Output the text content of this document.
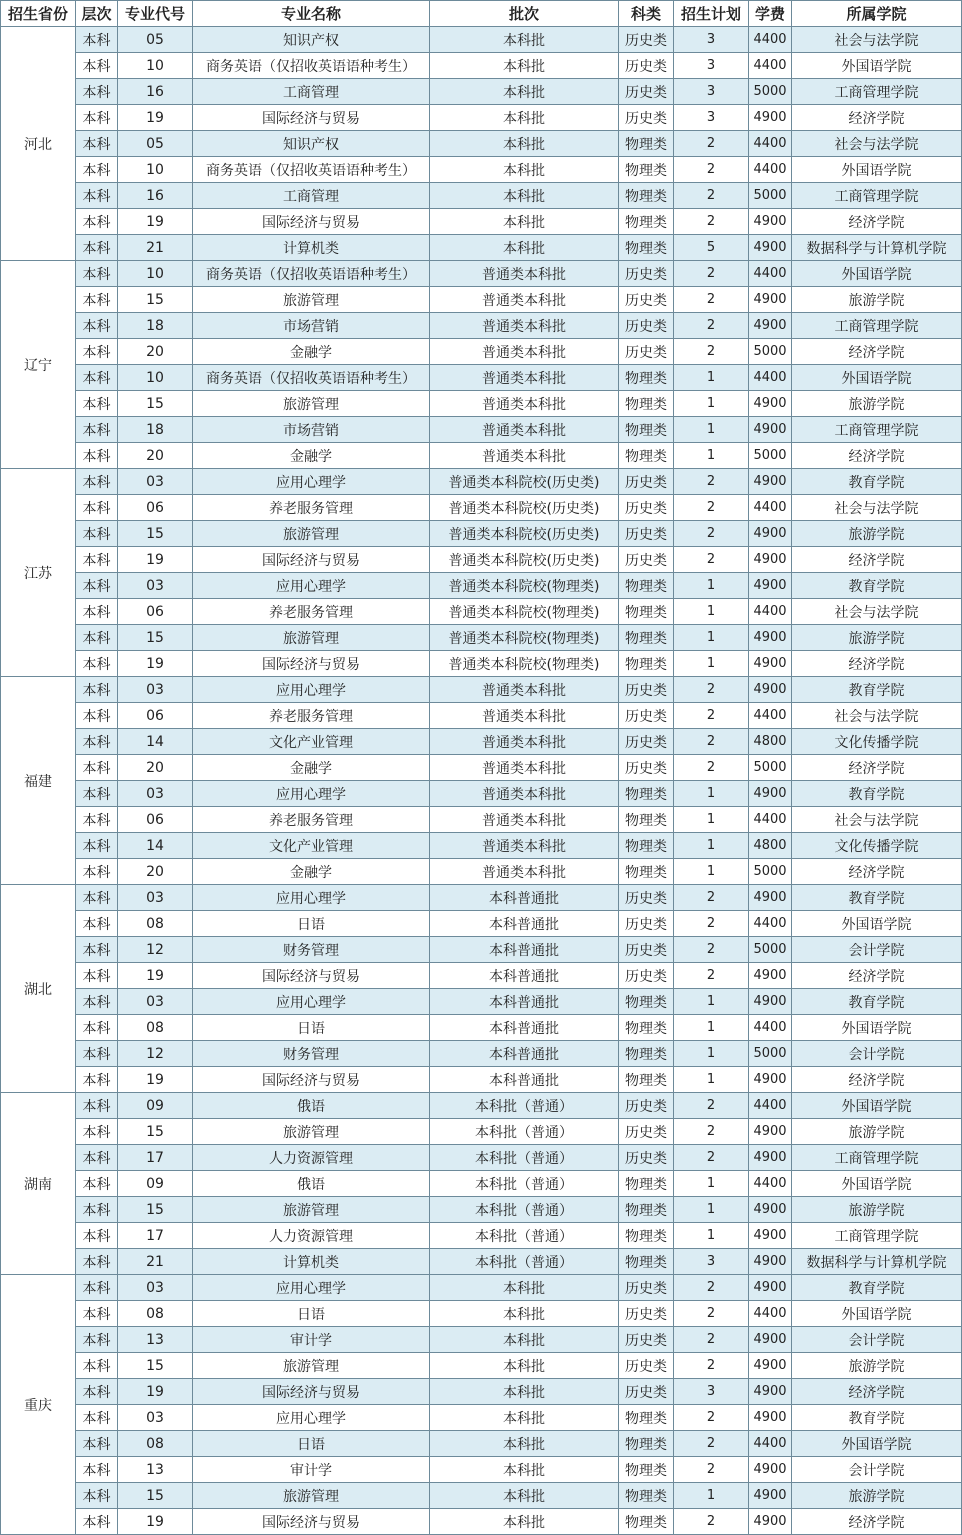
招生省份	层次	专业代号	专业名称	批次	科类	招生计划	学费	所属学院
河北	本科	05	知识产权	本科批	历史类	3	4400	社会与法学院
	本科	10	商务英语（仅招收英语语种考生）	本科批	历史类	3	4400	外国语学院
	本科	16	工商管理	本科批	历史类	3	5000	工商管理学院
	本科	19	国际经济与贸易	本科批	历史类	3	4900	经济学院
	本科	05	知识产权	本科批	物理类	2	4400	社会与法学院
	本科	10	商务英语（仅招收英语语种考生）	本科批	物理类	2	4400	外国语学院
	本科	16	工商管理	本科批	物理类	2	5000	工商管理学院
	本科	19	国际经济与贸易	本科批	物理类	2	4900	经济学院
	本科	21	计算机类	本科批	物理类	5	4900	数据科学与计算机学院
辽宁	本科	10	商务英语（仅招收英语语种考生）	普通类本科批	历史类	2	4400	外国语学院
	本科	15	旅游管理	普通类本科批	历史类	2	4900	旅游学院
	本科	18	市场营销	普通类本科批	历史类	2	4900	工商管理学院
	本科	20	金融学	普通类本科批	历史类	2	5000	经济学院
	本科	10	商务英语（仅招收英语语种考生）	普通类本科批	物理类	1	4400	外国语学院
	本科	15	旅游管理	普通类本科批	物理类	1	4900	旅游学院
	本科	18	市场营销	普通类本科批	物理类	1	4900	工商管理学院
	本科	20	金融学	普通类本科批	物理类	1	5000	经济学院
江苏	本科	03	应用心理学	普通类本科院校(历史类)	历史类	2	4900	教育学院
	本科	06	养老服务管理	普通类本科院校(历史类)	历史类	2	4400	社会与法学院
	本科	15	旅游管理	普通类本科院校(历史类)	历史类	2	4900	旅游学院
	本科	19	国际经济与贸易	普通类本科院校(历史类)	历史类	2	4900	经济学院
	本科	03	应用心理学	普通类本科院校(物理类)	物理类	1	4900	教育学院
	本科	06	养老服务管理	普通类本科院校(物理类)	物理类	1	4400	社会与法学院
	本科	15	旅游管理	普通类本科院校(物理类)	物理类	1	4900	旅游学院
	本科	19	国际经济与贸易	普通类本科院校(物理类)	物理类	1	4900	经济学院
福建	本科	03	应用心理学	普通类本科批	历史类	2	4900	教育学院
	本科	06	养老服务管理	普通类本科批	历史类	2	4400	社会与法学院
	本科	14	文化产业管理	普通类本科批	历史类	2	4800	文化传播学院
	本科	20	金融学	普通类本科批	历史类	2	5000	经济学院
	本科	03	应用心理学	普通类本科批	物理类	1	4900	教育学院
	本科	06	养老服务管理	普通类本科批	物理类	1	4400	社会与法学院
	本科	14	文化产业管理	普通类本科批	物理类	1	4800	文化传播学院
	本科	20	金融学	普通类本科批	物理类	1	5000	经济学院
湖北	本科	03	应用心理学	本科普通批	历史类	2	4900	教育学院
	本科	08	日语	本科普通批	历史类	2	4400	外国语学院
	本科	12	财务管理	本科普通批	历史类	2	5000	会计学院
	本科	19	国际经济与贸易	本科普通批	历史类	2	4900	经济学院
	本科	03	应用心理学	本科普通批	物理类	1	4900	教育学院
	本科	08	日语	本科普通批	物理类	1	4400	外国语学院
	本科	12	财务管理	本科普通批	物理类	1	5000	会计学院
	本科	19	国际经济与贸易	本科普通批	物理类	1	4900	经济学院
湖南	本科	09	俄语	本科批（普通）	历史类	2	4400	外国语学院
	本科	15	旅游管理	本科批（普通）	历史类	2	4900	旅游学院
	本科	17	人力资源管理	本科批（普通）	历史类	2	4900	工商管理学院
	本科	09	俄语	本科批（普通）	物理类	1	4400	外国语学院
	本科	15	旅游管理	本科批（普通）	物理类	1	4900	旅游学院
	本科	17	人力资源管理	本科批（普通）	物理类	1	4900	工商管理学院
	本科	21	计算机类	本科批（普通）	物理类	3	4900	数据科学与计算机学院
重庆	本科	03	应用心理学	本科批	历史类	2	4900	教育学院
	本科	08	日语	本科批	历史类	2	4400	外国语学院
	本科	13	审计学	本科批	历史类	2	4900	会计学院
	本科	15	旅游管理	本科批	历史类	2	4900	旅游学院
	本科	19	国际经济与贸易	本科批	历史类	3	4900	经济学院
	本科	03	应用心理学	本科批	物理类	2	4900	教育学院
	本科	08	日语	本科批	物理类	2	4400	外国语学院
	本科	13	审计学	本科批	物理类	2	4900	会计学院
	本科	15	旅游管理	本科批	物理类	1	4900	旅游学院
	本科	19	国际经济与贸易	本科批	物理类	2	4900	经济学院
